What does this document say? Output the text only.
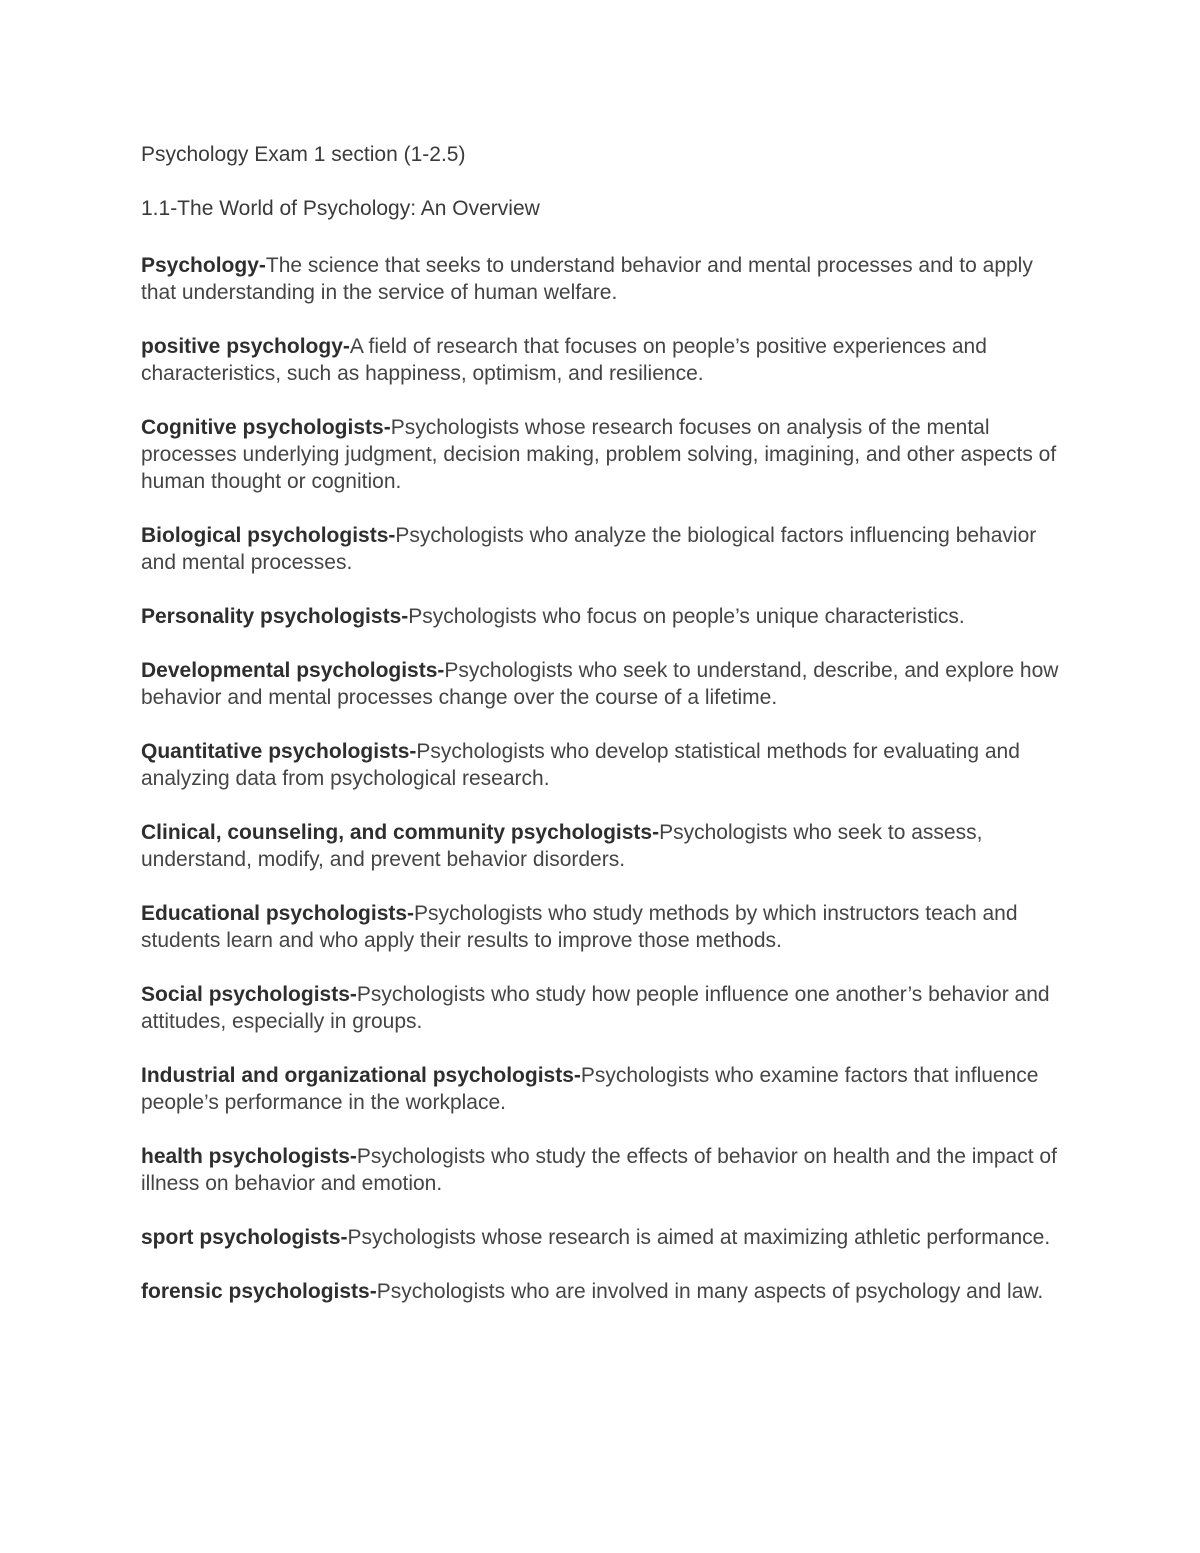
Psychology Exam 1 section (1-2.5)
1.1-The World of Psychology: An Overview
Psychology-The science that seeks to understand behavior and mental processes and to apply that understanding in the service of human welfare.
positive psychology-A field of research that focuses on people’s positive experiences and characteristics, such as happiness, optimism, and resilience.
Cognitive psychologists-Psychologists whose research focuses on analysis of the mental processes underlying judgment, decision making, problem solving, imagining, and other aspects of human thought or cognition.
Biological psychologists-Psychologists who analyze the biological factors influencing behavior and mental processes.
Personality psychologists-Psychologists who focus on people’s unique characteristics.
Developmental psychologists-Psychologists who seek to understand, describe, and explore how behavior and mental processes change over the course of a lifetime.
Quantitative psychologists-Psychologists who develop statistical methods for evaluating and analyzing data from psychological research.
Clinical, counseling, and community psychologists-Psychologists who seek to assess, understand, modify, and prevent behavior disorders.
Educational psychologists-Psychologists who study methods by which instructors teach and students learn and who apply their results to improve those methods.
Social psychologists-Psychologists who study how people influence one another’s behavior and attitudes, especially in groups.
Industrial and organizational psychologists-Psychologists who examine factors that influence people’s performance in the workplace.
health psychologists-Psychologists who study the effects of behavior on health and the impact of illness on behavior and emotion.
sport psychologists-Psychologists whose research is aimed at maximizing athletic performance.
forensic psychologists-Psychologists who are involved in many aspects of psychology and law.
